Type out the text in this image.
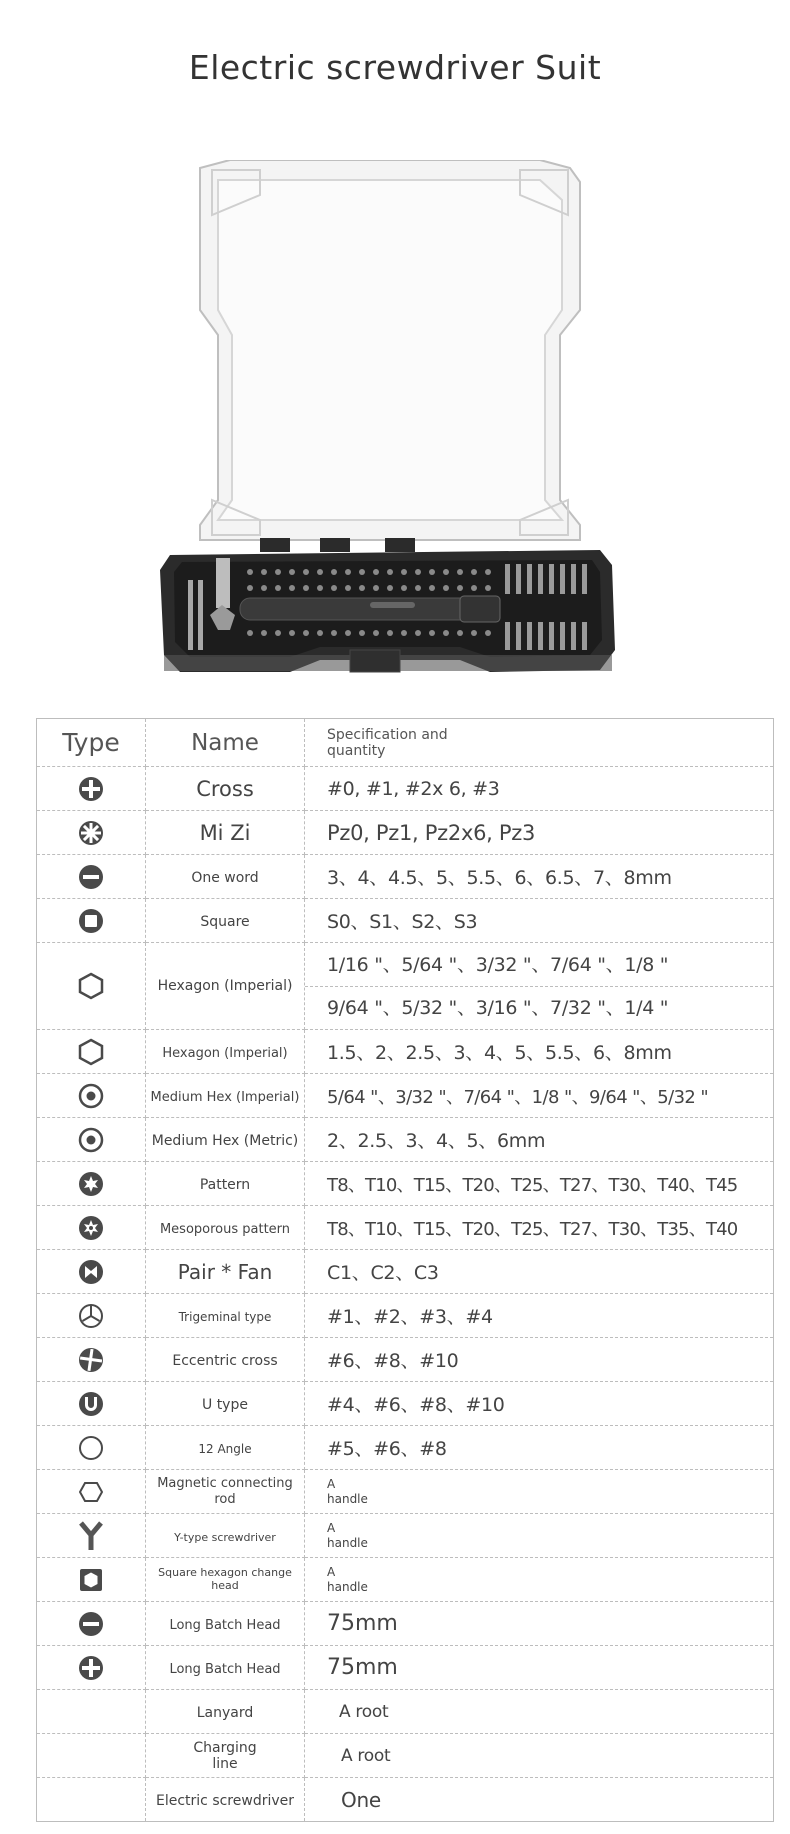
Electric screwdriver Suit
Type	Name	Specification and quantity
	Cross	#0, #1, #2x 6, #3
	Mi Zi	Pz0, Pz1, Pz2x6, Pz3
	One word	3、4、4.5、5、5.5、6、6.5、7、8mm
	Square	S0、S1、S2、S3
	Hexagon (Imperial)	1/16 "、5/64 "、3/32 "、7/64 "、1/8 "
9/64 "、5/32 "、3/16 "、7/32 "、1/4 "

	Hexagon (Imperial)	1.5、2、2.5、3、4、5、5.5、6、8mm
	Medium Hex (Imperial)	5/64 "、3/32 "、7/64 "、1/8 "、9/64 "、5/32 "
	Medium Hex (Metric)	2、2.5、3、4、5、6mm
	Pattern	T8、T10、T15、T20、T25、T27、T30、T40、T45
	Mesoporous pattern	T8、T10、T15、T20、T25、T27、T30、T35、T40
	Pair * Fan	C1、C2、C3
	Trigeminal type	#1、#2、#3、#4
	Eccentric cross	#6、#8、#10
	U type	#4、#6、#8、#10
	12 Angle	#5、#6、#8
	Magnetic connecting rod	A handle
	Y-type screwdriver	A handle
	Square hexagon change head	A handle
	Long Batch Head	75mm
	Long Batch Head	75mm
	Lanyard	A root
	Charging line	A root
	Electric screwdriver	One
